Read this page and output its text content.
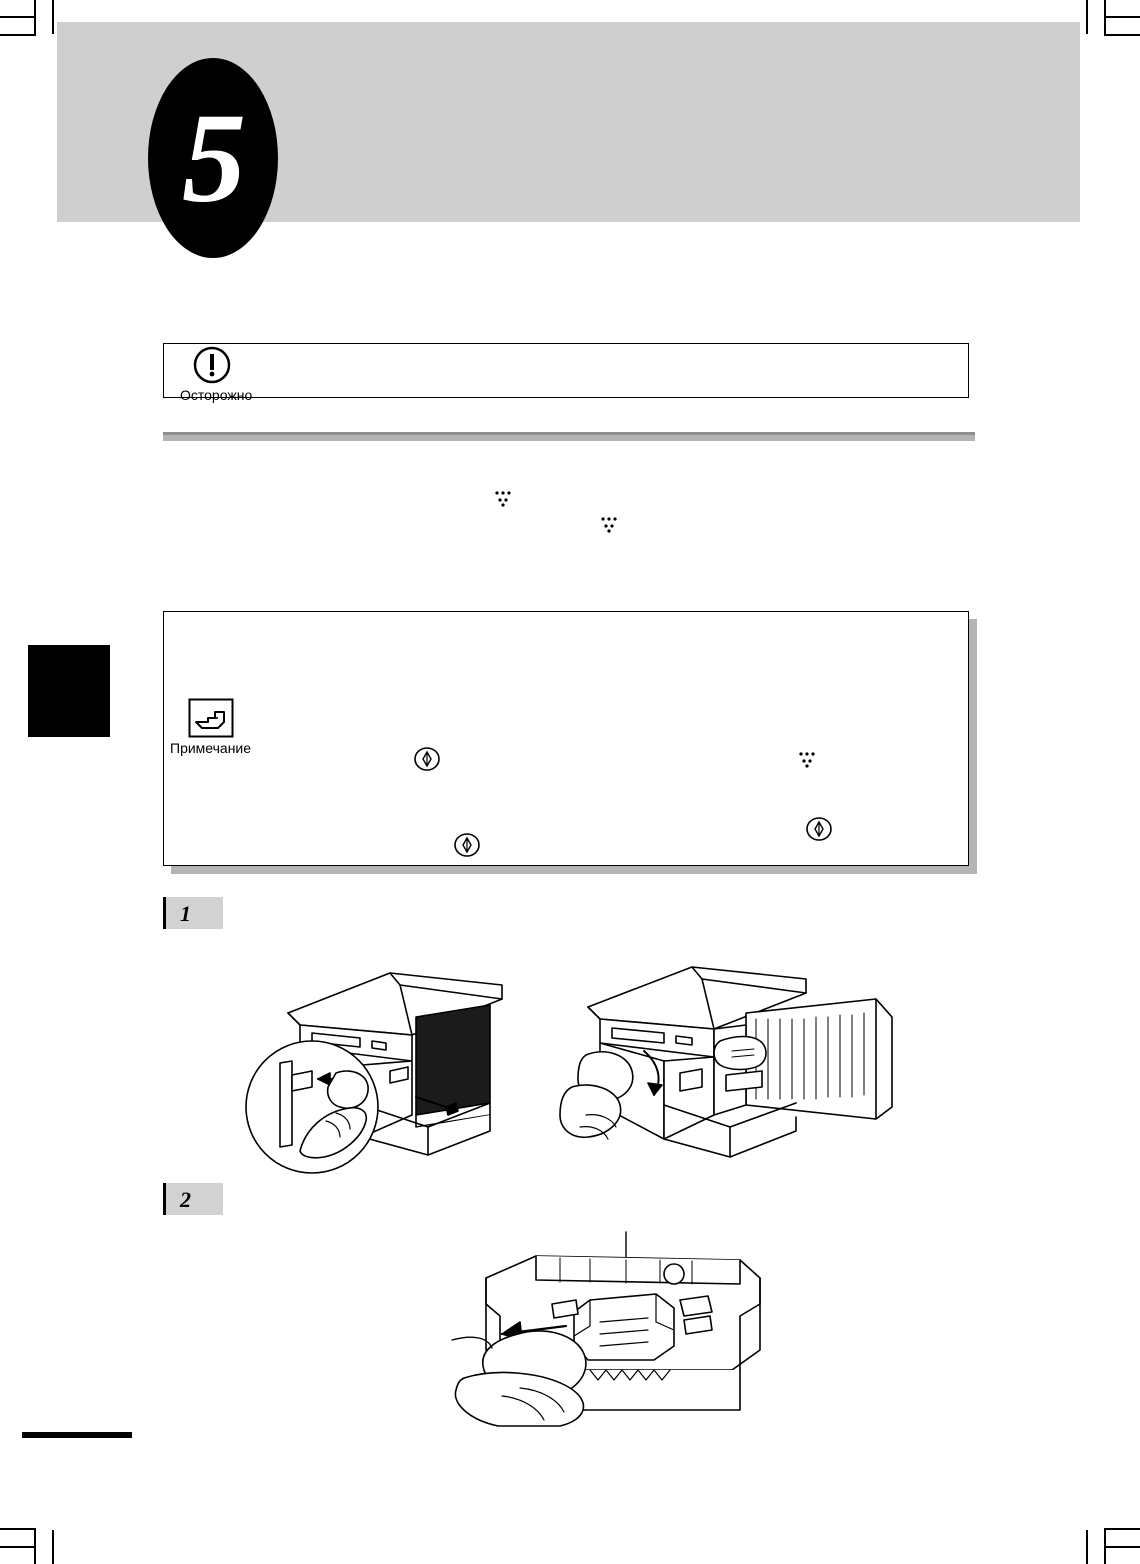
5
Осторожно
Примечание
1
2
